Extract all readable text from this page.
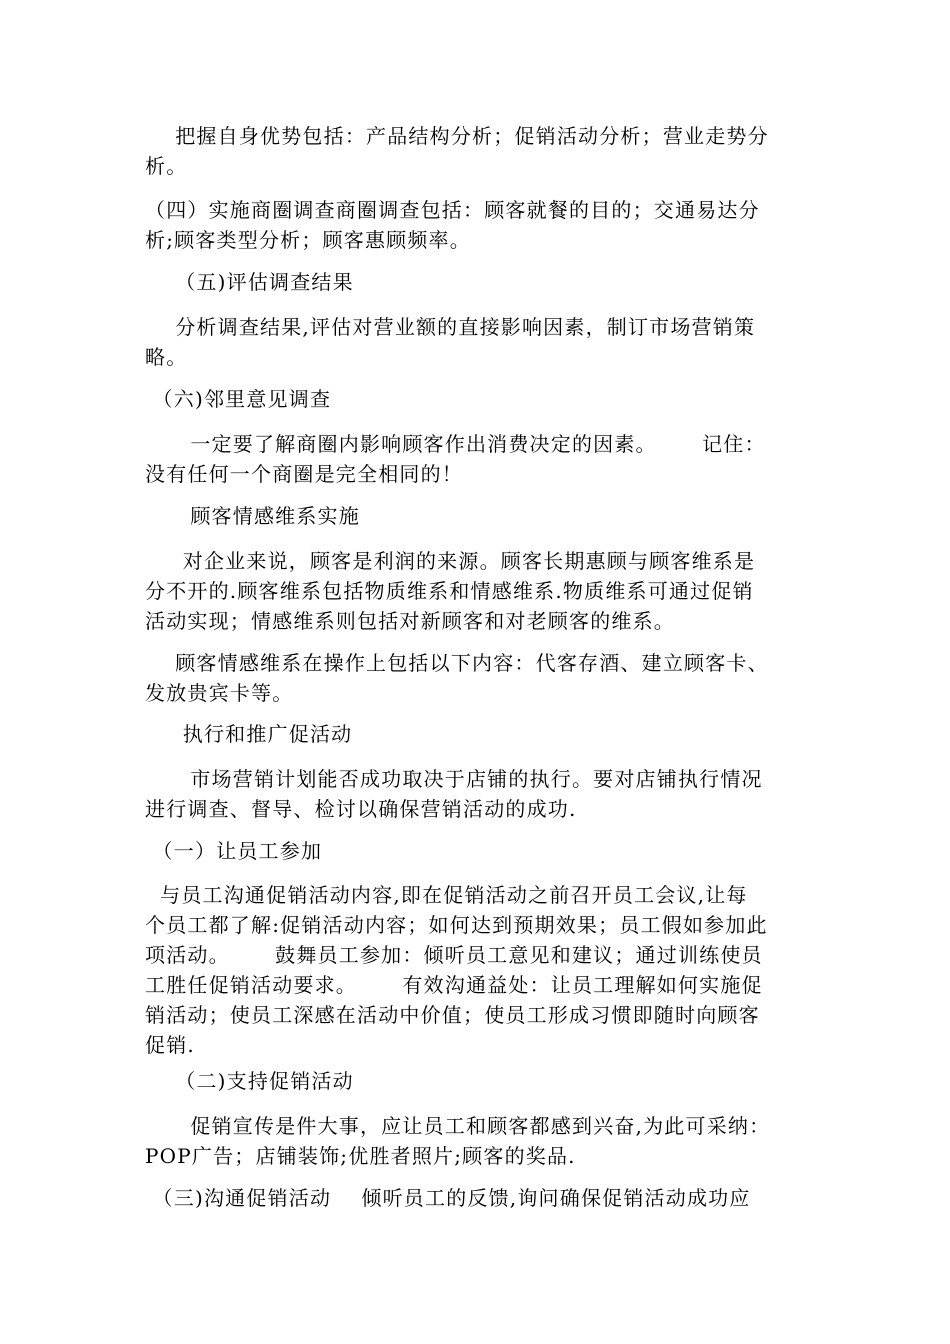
把握自身优势包括：产品结构分析；促销活动分析；营业走势分
析。

（四）实施商圈调查商圈调查包括：顾客就餐的目的；交通易达分
析;顾客类型分析；顾客惠顾频率。

（五)评估调查结果

分析调查结果,评估对营业额的直接影响因素，制订市场营销策
略。

（六)邻里意见调查

一定要了解商圈内影响顾客作出消费决定的因素。      记住：
没有任何一个商圈是完全相同的！

顾客情感维系实施

对企业来说，顾客是利润的来源。顾客长期惠顾与顾客维系是
分不开的.顾客维系包括物质维系和情感维系.物质维系可通过促销
活动实现；情感维系则包括对新顾客和对老顾客的维系。

顾客情感维系在操作上包括以下内容：代客存酒、建立顾客卡、
发放贵宾卡等。

执行和推广促活动

市场营销计划能否成功取决于店铺的执行。要对店铺执行情况
进行调查、督导、检讨以确保营销活动的成功.

（一）让员工参加

与员工沟通促销活动内容,即在促销活动之前召开员工会议,让每
个员工都了解:促销活动内容；如何达到预期效果；员工假如参加此
项活动。      鼓舞员工参加：倾听员工意见和建议；通过训练使员
工胜任促销活动要求。      有效沟通益处：让员工理解如何实施促
销活动；使员工深感在活动中价值；使员工形成习惯即随时向顾客
促销.

（二)支持促销活动

促销宣传是件大事，应让员工和顾客都感到兴奋,为此可采纳：
POP广告；店铺装饰;优胜者照片;顾客的奖品.

（三)沟通促销活动    倾听员工的反馈,询问确保促销活动成功应
